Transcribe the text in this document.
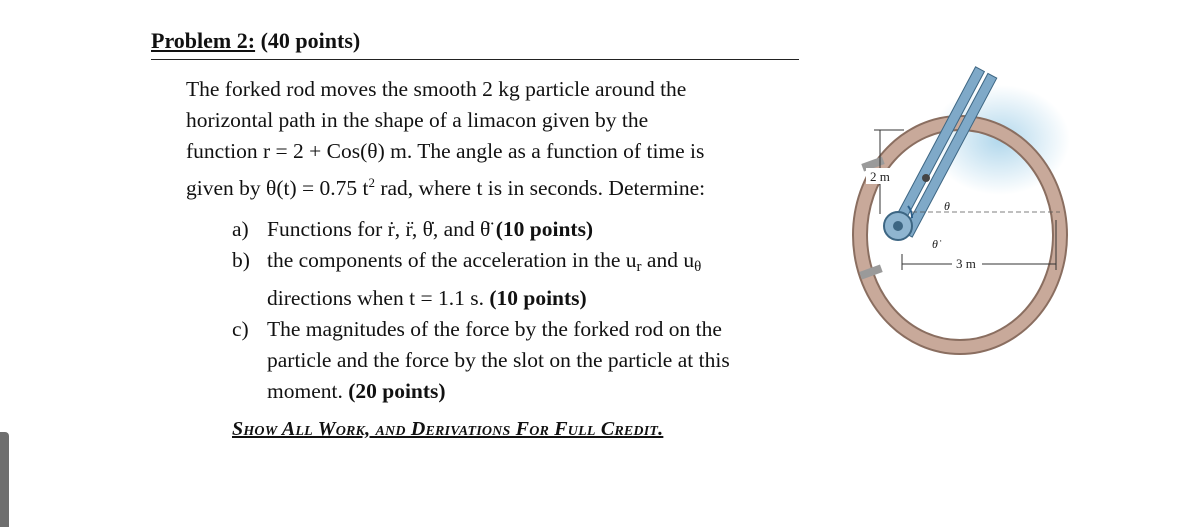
Problem 2: (40 points)
The forked rod moves the smooth 2 kg particle around the
horizontal path in the shape of a limacon given by the
function r = 2 + Cos(θ) m. The angle as a function of time is
given by θ(t) = 0.75 $t^2$ rad, where t is in seconds. Determine:
a) Functions for ṙ, r̈, θ̇, and θ̈ (10 points)
b) the components of the acceleration in the $u_r$ and $u_\theta$
directions when t = 1.1 s. (10 points)
c) The magnitudes of the force by the forked rod on the
particle and the force by the slot on the particle at this
moment. (20 points)
Show All Work, and Derivations For Full Credit.
2 m
3 m
θ
θ̇
